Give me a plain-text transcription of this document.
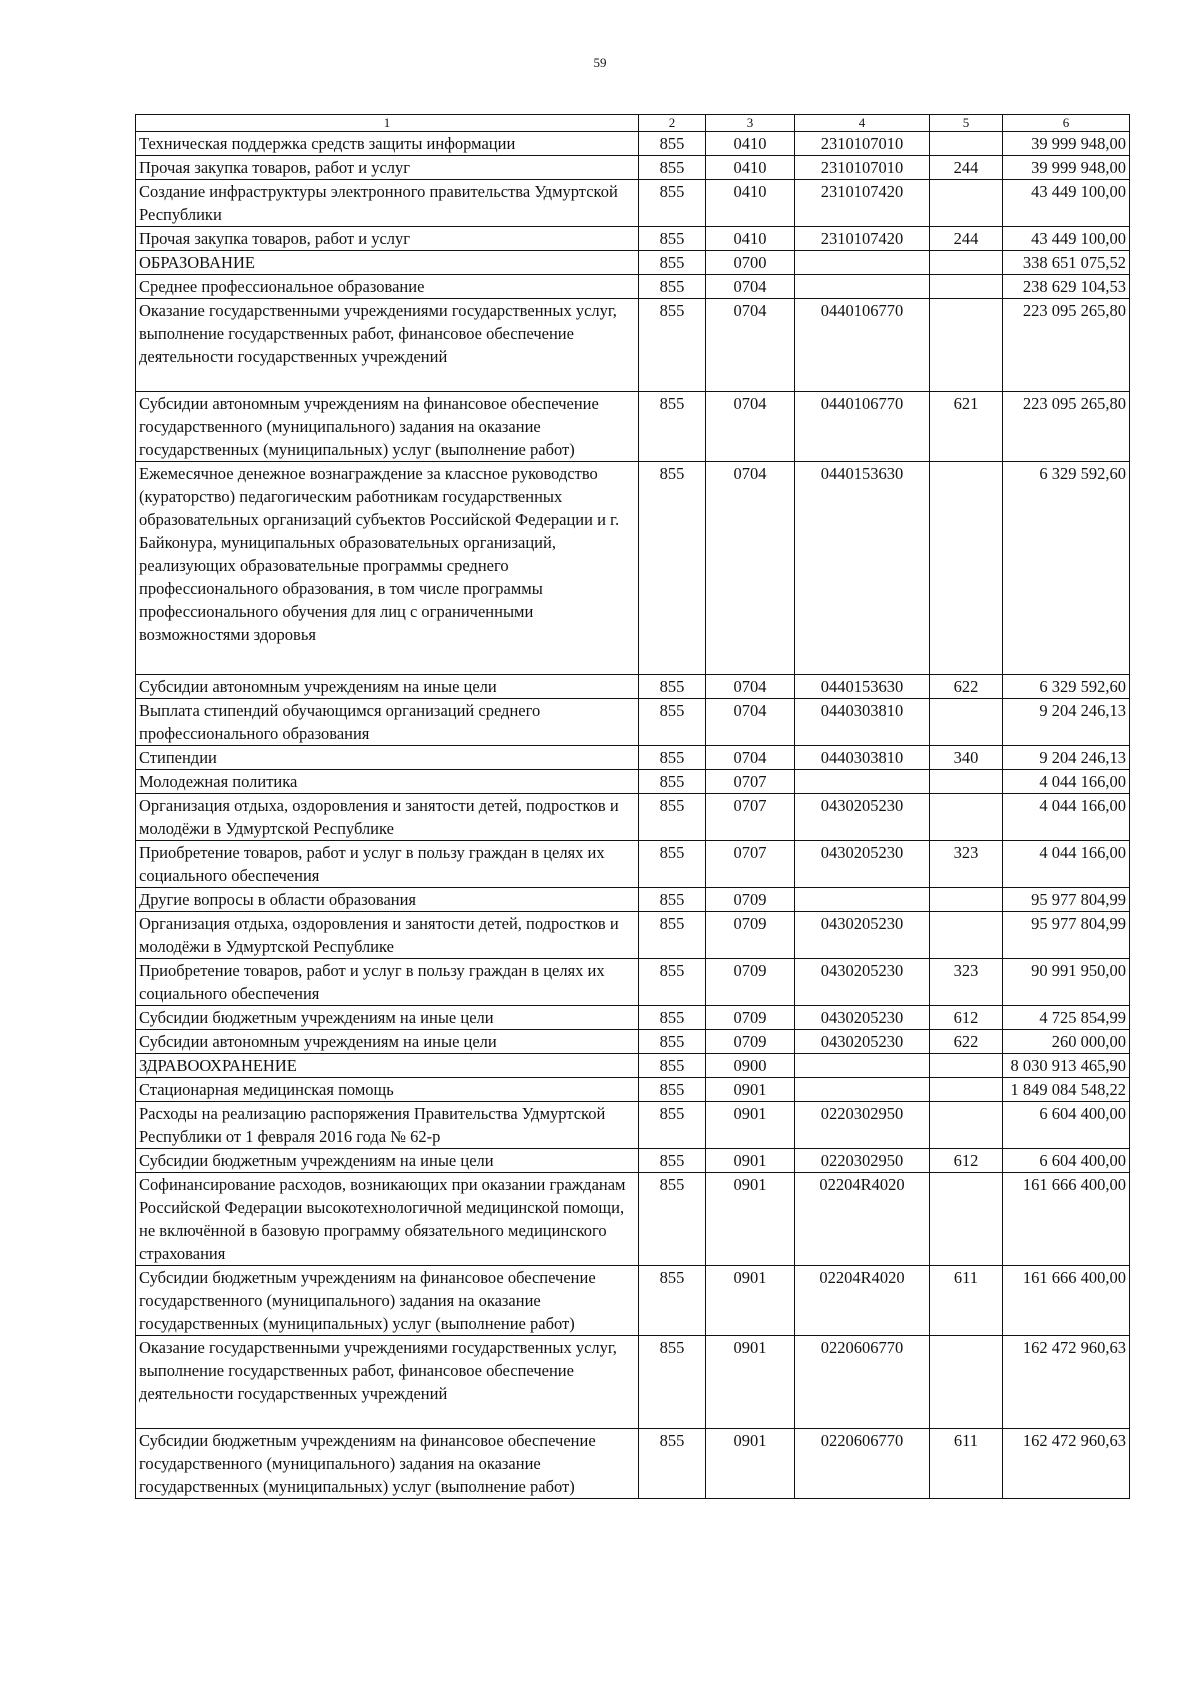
59
1	2	3	4	5	6
Техническая поддержка средств защиты информации	855	0410	2310107010		39 999 948,00
Прочая закупка товаров, работ и услуг	855	0410	2310107010	244	39 999 948,00
Создание инфраструктуры электронного правительства Удмуртской Республики	855	0410	2310107420		43 449 100,00
Прочая закупка товаров, работ и услуг	855	0410	2310107420	244	43 449 100,00
ОБРАЗОВАНИЕ	855	0700			338 651 075,52
Среднее профессиональное образование	855	0704			238 629 104,53
Оказание государственными учреждениями государственных услуг, выполнение государственных работ, финансовое обеспечение деятельности государственных учреждений	855	0704	0440106770		223 095 265,80
Субсидии автономным учреждениям на финансовое обеспечение государственного (муниципального) задания на оказание государственных (муниципальных) услуг (выполнение работ)	855	0704	0440106770	621	223 095 265,80
Ежемесячное денежное вознаграждение за классное руководство (кураторство) педагогическим работникам государственных образовательных организаций субъектов Российской Федерации и г. Байконура, муниципальных образовательных организаций, реализующих образовательные программы среднего профессионального образования, в том числе программы профессионального обучения для лиц с ограниченными возможностями здоровья	855	0704	0440153630		6 329 592,60
Субсидии автономным учреждениям на иные цели	855	0704	0440153630	622	6 329 592,60
Выплата стипендий обучающимся организаций среднего профессионального образования	855	0704	0440303810		9 204 246,13
Стипендии	855	0704	0440303810	340	9 204 246,13
Молодежная политика	855	0707			4 044 166,00
Организация отдыха, оздоровления и занятости детей, подростков и молодёжи в Удмуртской Республике	855	0707	0430205230		4 044 166,00
Приобретение товаров, работ и услуг в пользу граждан в целях их социального обеспечения	855	0707	0430205230	323	4 044 166,00
Другие вопросы в области образования	855	0709			95 977 804,99
Организация отдыха, оздоровления и занятости детей, подростков и молодёжи в Удмуртской Республике	855	0709	0430205230		95 977 804,99
Приобретение товаров, работ и услуг в пользу граждан в целях их социального обеспечения	855	0709	0430205230	323	90 991 950,00
Субсидии бюджетным учреждениям на иные цели	855	0709	0430205230	612	4 725 854,99
Субсидии автономным учреждениям на иные цели	855	0709	0430205230	622	260 000,00
ЗДРАВООХРАНЕНИЕ	855	0900			8 030 913 465,90
Стационарная медицинская помощь	855	0901			1 849 084 548,22
Расходы на реализацию распоряжения Правительства Удмуртской Республики от 1 февраля 2016 года № 62-р	855	0901	0220302950		6 604 400,00
Субсидии бюджетным учреждениям на иные цели	855	0901	0220302950	612	6 604 400,00
Софинансирование расходов, возникающих при оказании гражданам Российской Федерации высокотехнологичной медицинской помощи, не включённой в базовую программу обязательного медицинского страхования	855	0901	02204R4020		161 666 400,00
Субсидии бюджетным учреждениям на финансовое обеспечение государственного (муниципального) задания на оказание государственных (муниципальных) услуг (выполнение работ)	855	0901	02204R4020	611	161 666 400,00
Оказание государственными учреждениями государственных услуг, выполнение государственных работ, финансовое обеспечение деятельности государственных учреждений	855	0901	0220606770		162 472 960,63
Субсидии бюджетным учреждениям на финансовое обеспечение государственного (муниципального) задания на оказание государственных (муниципальных) услуг (выполнение работ)	855	0901	0220606770	611	162 472 960,63
